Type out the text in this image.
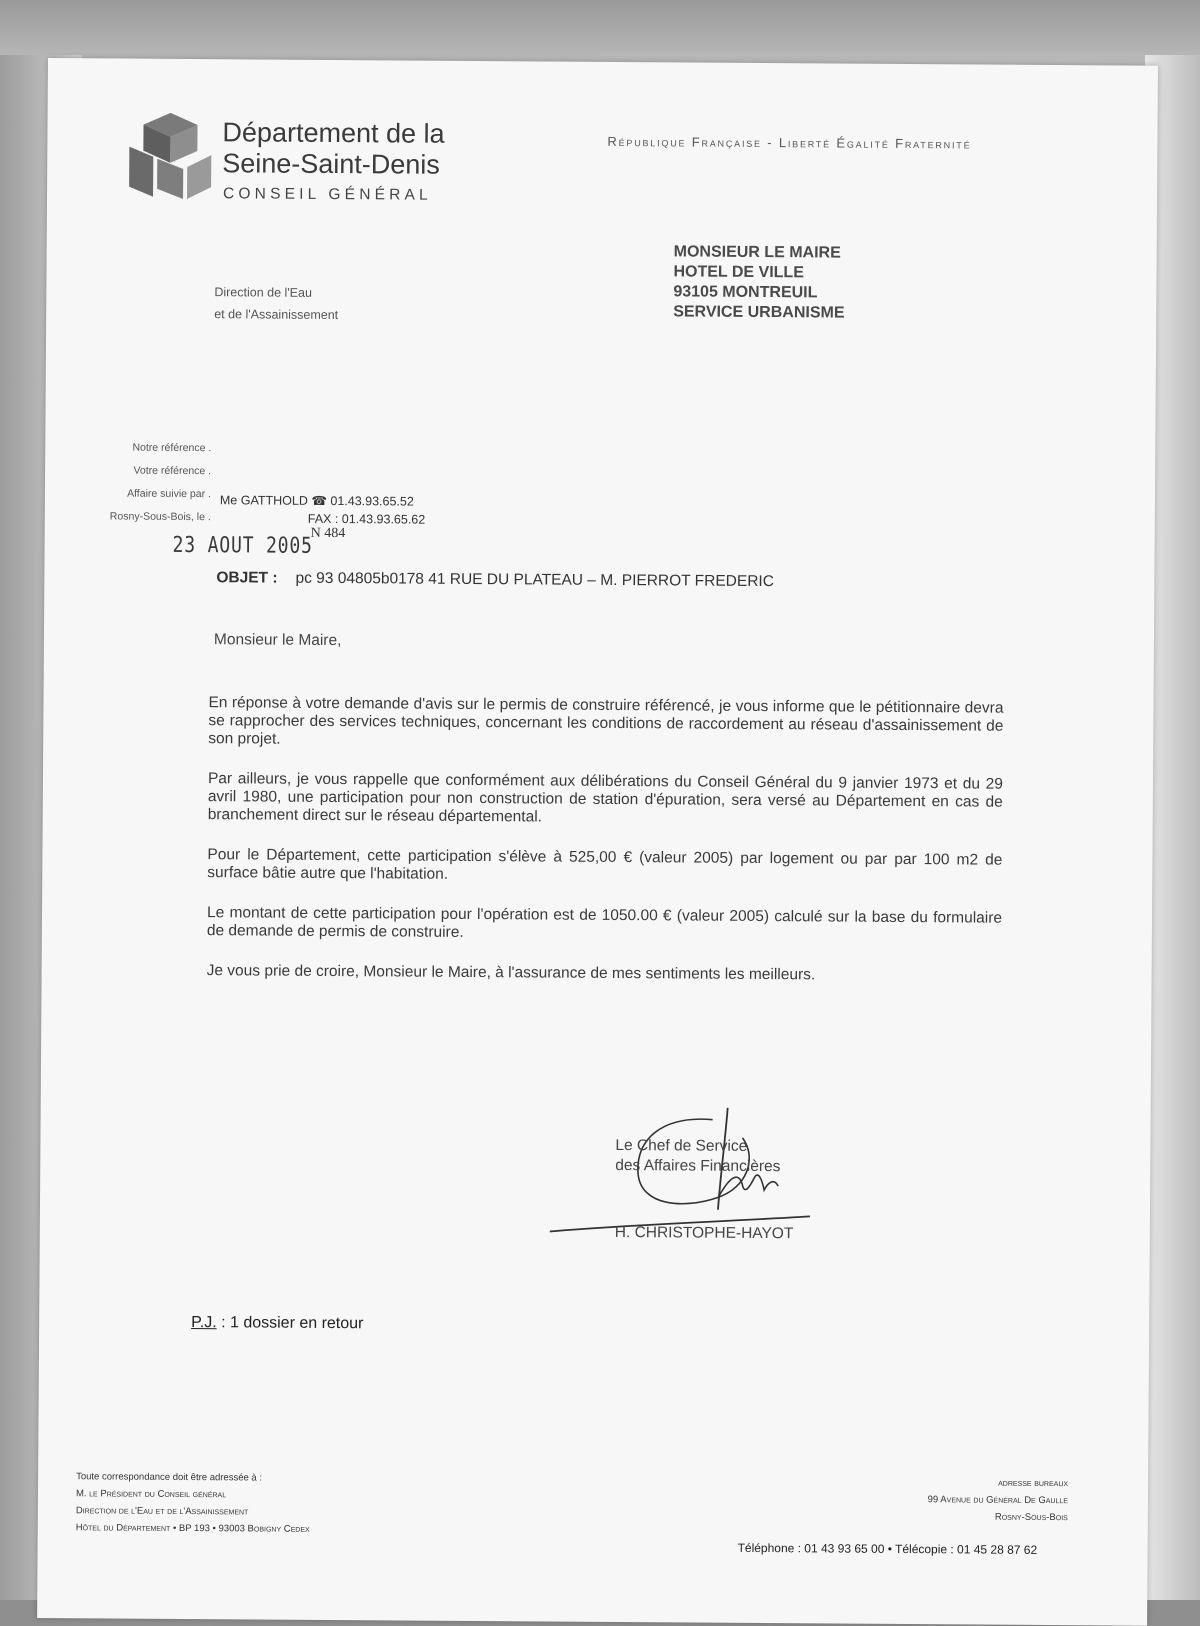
Département de la
Seine-Saint-Denis
CONSEIL GÉNÉRAL
République Française - Liberté Égalité Fraternité
Direction de l'Eau
et de l'Assainissement
MONSIEUR LE MAIRE
HOTEL DE VILLE
93105 MONTREUIL
SERVICE URBANISME
Notre référence .
Votre référence .
Affaire suivie par .
Rosny-Sous-Bois, le .
Me GATTHOLD ☎ 01.43.93.65.52
FAX : 01.43.93.65.62
23 AOUT 2005
N 484
OBJET : pc 93 04805b0178 41 RUE DU PLATEAU – M. PIERROT FREDERIC
Monsieur le Maire,

En réponse à votre demande d'avis sur le permis de construire référencé, je vous informe que le pétitionnaire devra se rapprocher des services techniques, concernant les conditions de raccordement au réseau d'assainissement de son projet.

Par ailleurs, je vous rappelle que conformément aux délibérations du Conseil Général du 9 janvier 1973 et du 29 avril 1980, une participation pour non construction de station d'épuration, sera versé au Département en cas de branchement direct sur le réseau départemental.

Pour le Département, cette participation s'élève à 525,00 € (valeur 2005) par logement ou par par 100 m2 de surface bâtie autre que l'habitation.

Le montant de cette participation pour l'opération est de 1050.00 € (valeur 2005) calculé sur la base du formulaire de demande de permis de construire.

Je vous prie de croire, Monsieur le Maire, à l'assurance de mes sentiments les meilleurs.

Le Chef de Service
des Affaires Financières
H. CHRISTOPHE-HAYOT
P.J. : 1 dossier en retour
Toute correspondance doit être adressée à :
M. le Président du Conseil général
Direction de l'Eau et de l'Assainissement
Hôtel du Département • BP 193 • 93003 Bobigny Cedex
adresse bureaux
99 Avenue du Général De Gaulle
Rosny-Sous-Bois
Téléphone : 01 43 93 65 00 • Télécopie : 01 45 28 87 62
